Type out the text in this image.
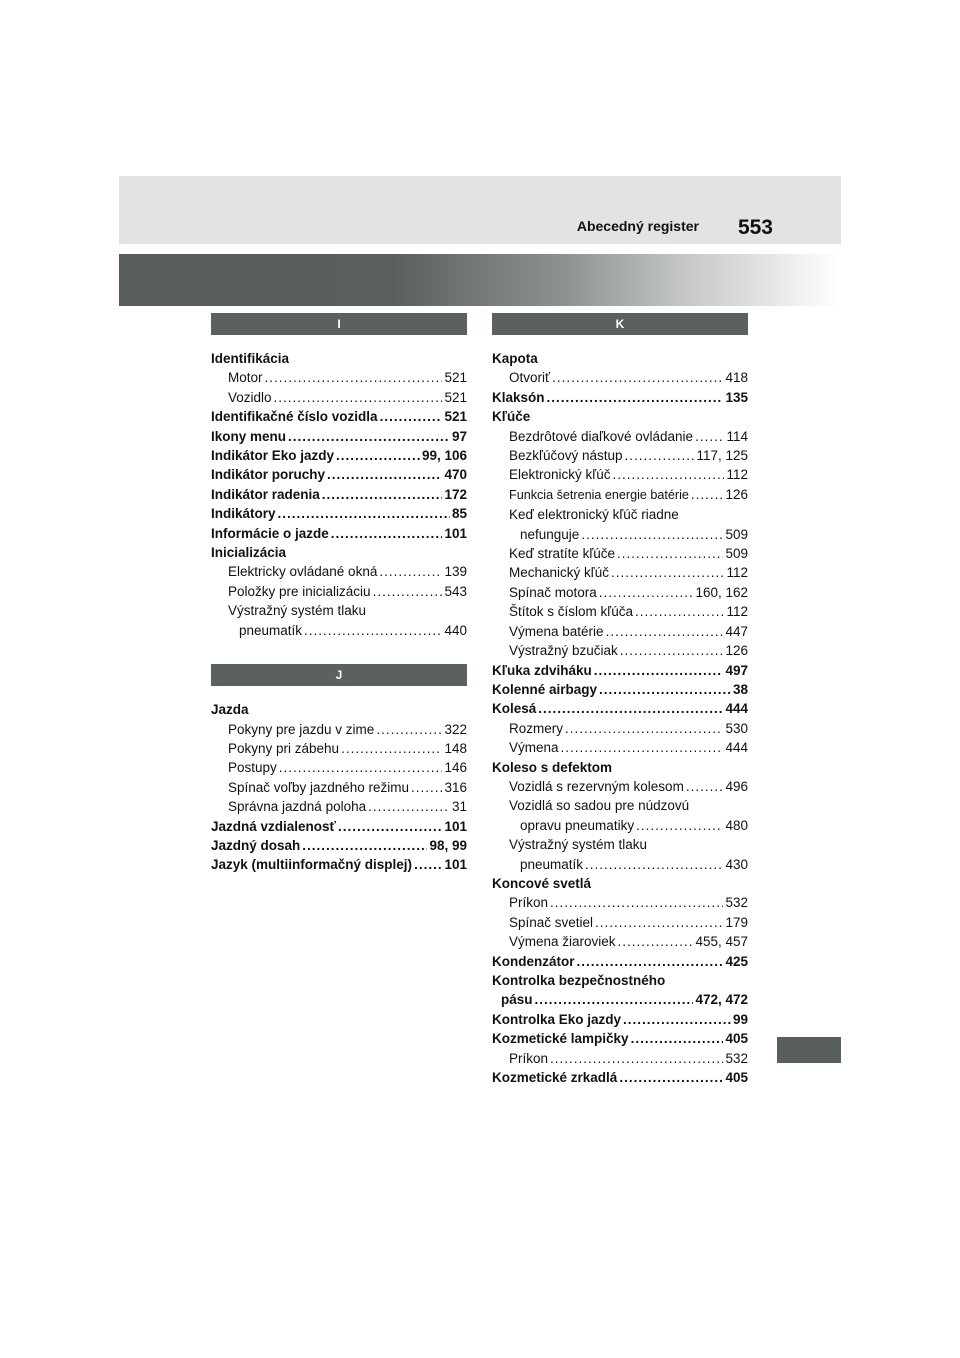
Abecedný register 553
I
Identifikácia
Motor .....	521
Vozidlo .....	521
Identifikačné číslo vozidla .....	521
Ikony menu .....	97
Indikátor Eko jazdy .....	99, 106
Indikátor poruchy .....	470
Indikátor radenia .....	172
Indikátory .....	85
Informácie o jazde .....	101
Inicializácia
Elektricky ovládané okná .....	139
Položky pre inicializáciu .....	543
Výstražný systém tlaku
pneumatík .....	440
J
Jazda
Pokyny pre jazdu v zime .....	322
Pokyny pri zábehu .....	148
Postupy .....	146
Spínač voľby jazdného režimu .....	316
Správna jazdná poloha .....	31
Jazdná vzdialenosť .....	101
Jazdný dosah .....	98, 99
Jazyk (multiinformačný displej) ..... 101
K
Kapota
Otvoriť .....	418
Klaksón .....	135
Kľúče
Bezdrôtové diaľkové ovládanie ..... 114
Bezkľúčový nástup .....	117, 125
Elektronický kľúč .....	112
Funkcia šetrenia energie batérie .....	126
Keď elektronický kľúč riadne
nefunguje .....	509
Keď stratíte kľúče .....	509
Mechanický kľúč .....	112
Spínač motora .....	160, 162
Štítok s číslom kľúča .....	112
Výmena batérie .....	447
Výstražný bzučiak .....	126
Kľuka zdviháku .....	497
Kolenné airbagy .....	38
Kolesá .....	444
Rozmery .....	530
Výmena .....	444
Koleso s defektom
Vozidlá s rezervným kolesom .....	496
Vozidlá so sadou pre núdzovú
opravu pneumatiky .....	480
Výstražný systém tlaku
pneumatík .....	430
Koncové svetlá
Príkon .....	532
Spínač svetiel .....	179
Výmena žiaroviek .....	455, 457
Kondenzátor .....	425
Kontrolka bezpečnostného
pásu .....	472, 472
Kontrolka Eko jazdy .....	99
Kozmetické lampičky .....	405
Príkon .....	532
Kozmetické zrkadlá .....	405
